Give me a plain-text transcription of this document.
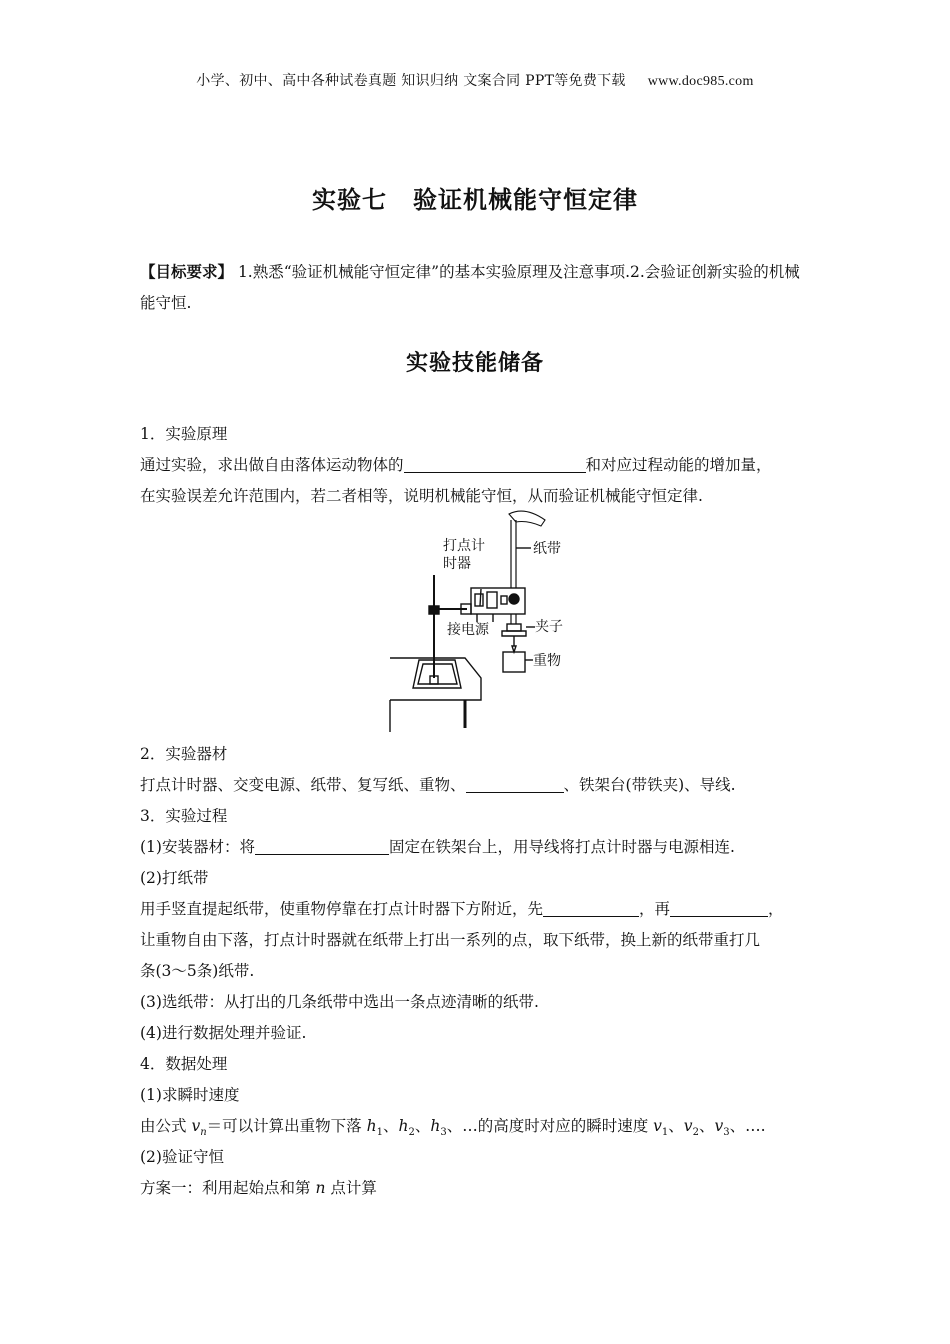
小学、初中、高中各种试卷真题 知识归纳 文案合同 PPT等免费下载 www.doc985.com
实验七 验证机械能守恒定律
【目标要求】 1.熟悉“验证机械能守恒定律”的基本实验原理及注意事项.2.会验证创新实验的机械能守恒.
实验技能储备
1．实验原理
通过实验，求出做自由落体运动物体的	和对应过程动能的增加量，
在实验误差允许范围内，若二者相等，说明机械能守恒，从而验证机械能守恒定律.
打点计
时器
纸带
接电源	夹子
重物
2．实验器材
打点计时器、交变电源、纸带、复写纸、重物、	、铁架台(带铁夹)、导线.
3．实验过程
(1)安装器材：将	固定在铁架台上，用导线将打点计时器与电源相连.
(2)打纸带
用手竖直提起纸带，使重物停靠在打点计时器下方附近，先	，再	，
让重物自由下落，打点计时器就在纸带上打出一系列的点，取下纸带，换上新的纸带重打几
条(3～5条)纸带.
(3)选纸带：从打出的几条纸带中选出一条点迹清晰的纸带.
(4)进行数据处理并验证.
4．数据处理
(1)求瞬时速度
由公式 $v_n=$可以计算出重物下落 $h_1$、$h_2$、$h_3$、…的高度时对应的瞬时速度 $v_1$、$v_2$、$v_3$、….
(2)验证守恒
方案一：利用起始点和第 n 点计算
